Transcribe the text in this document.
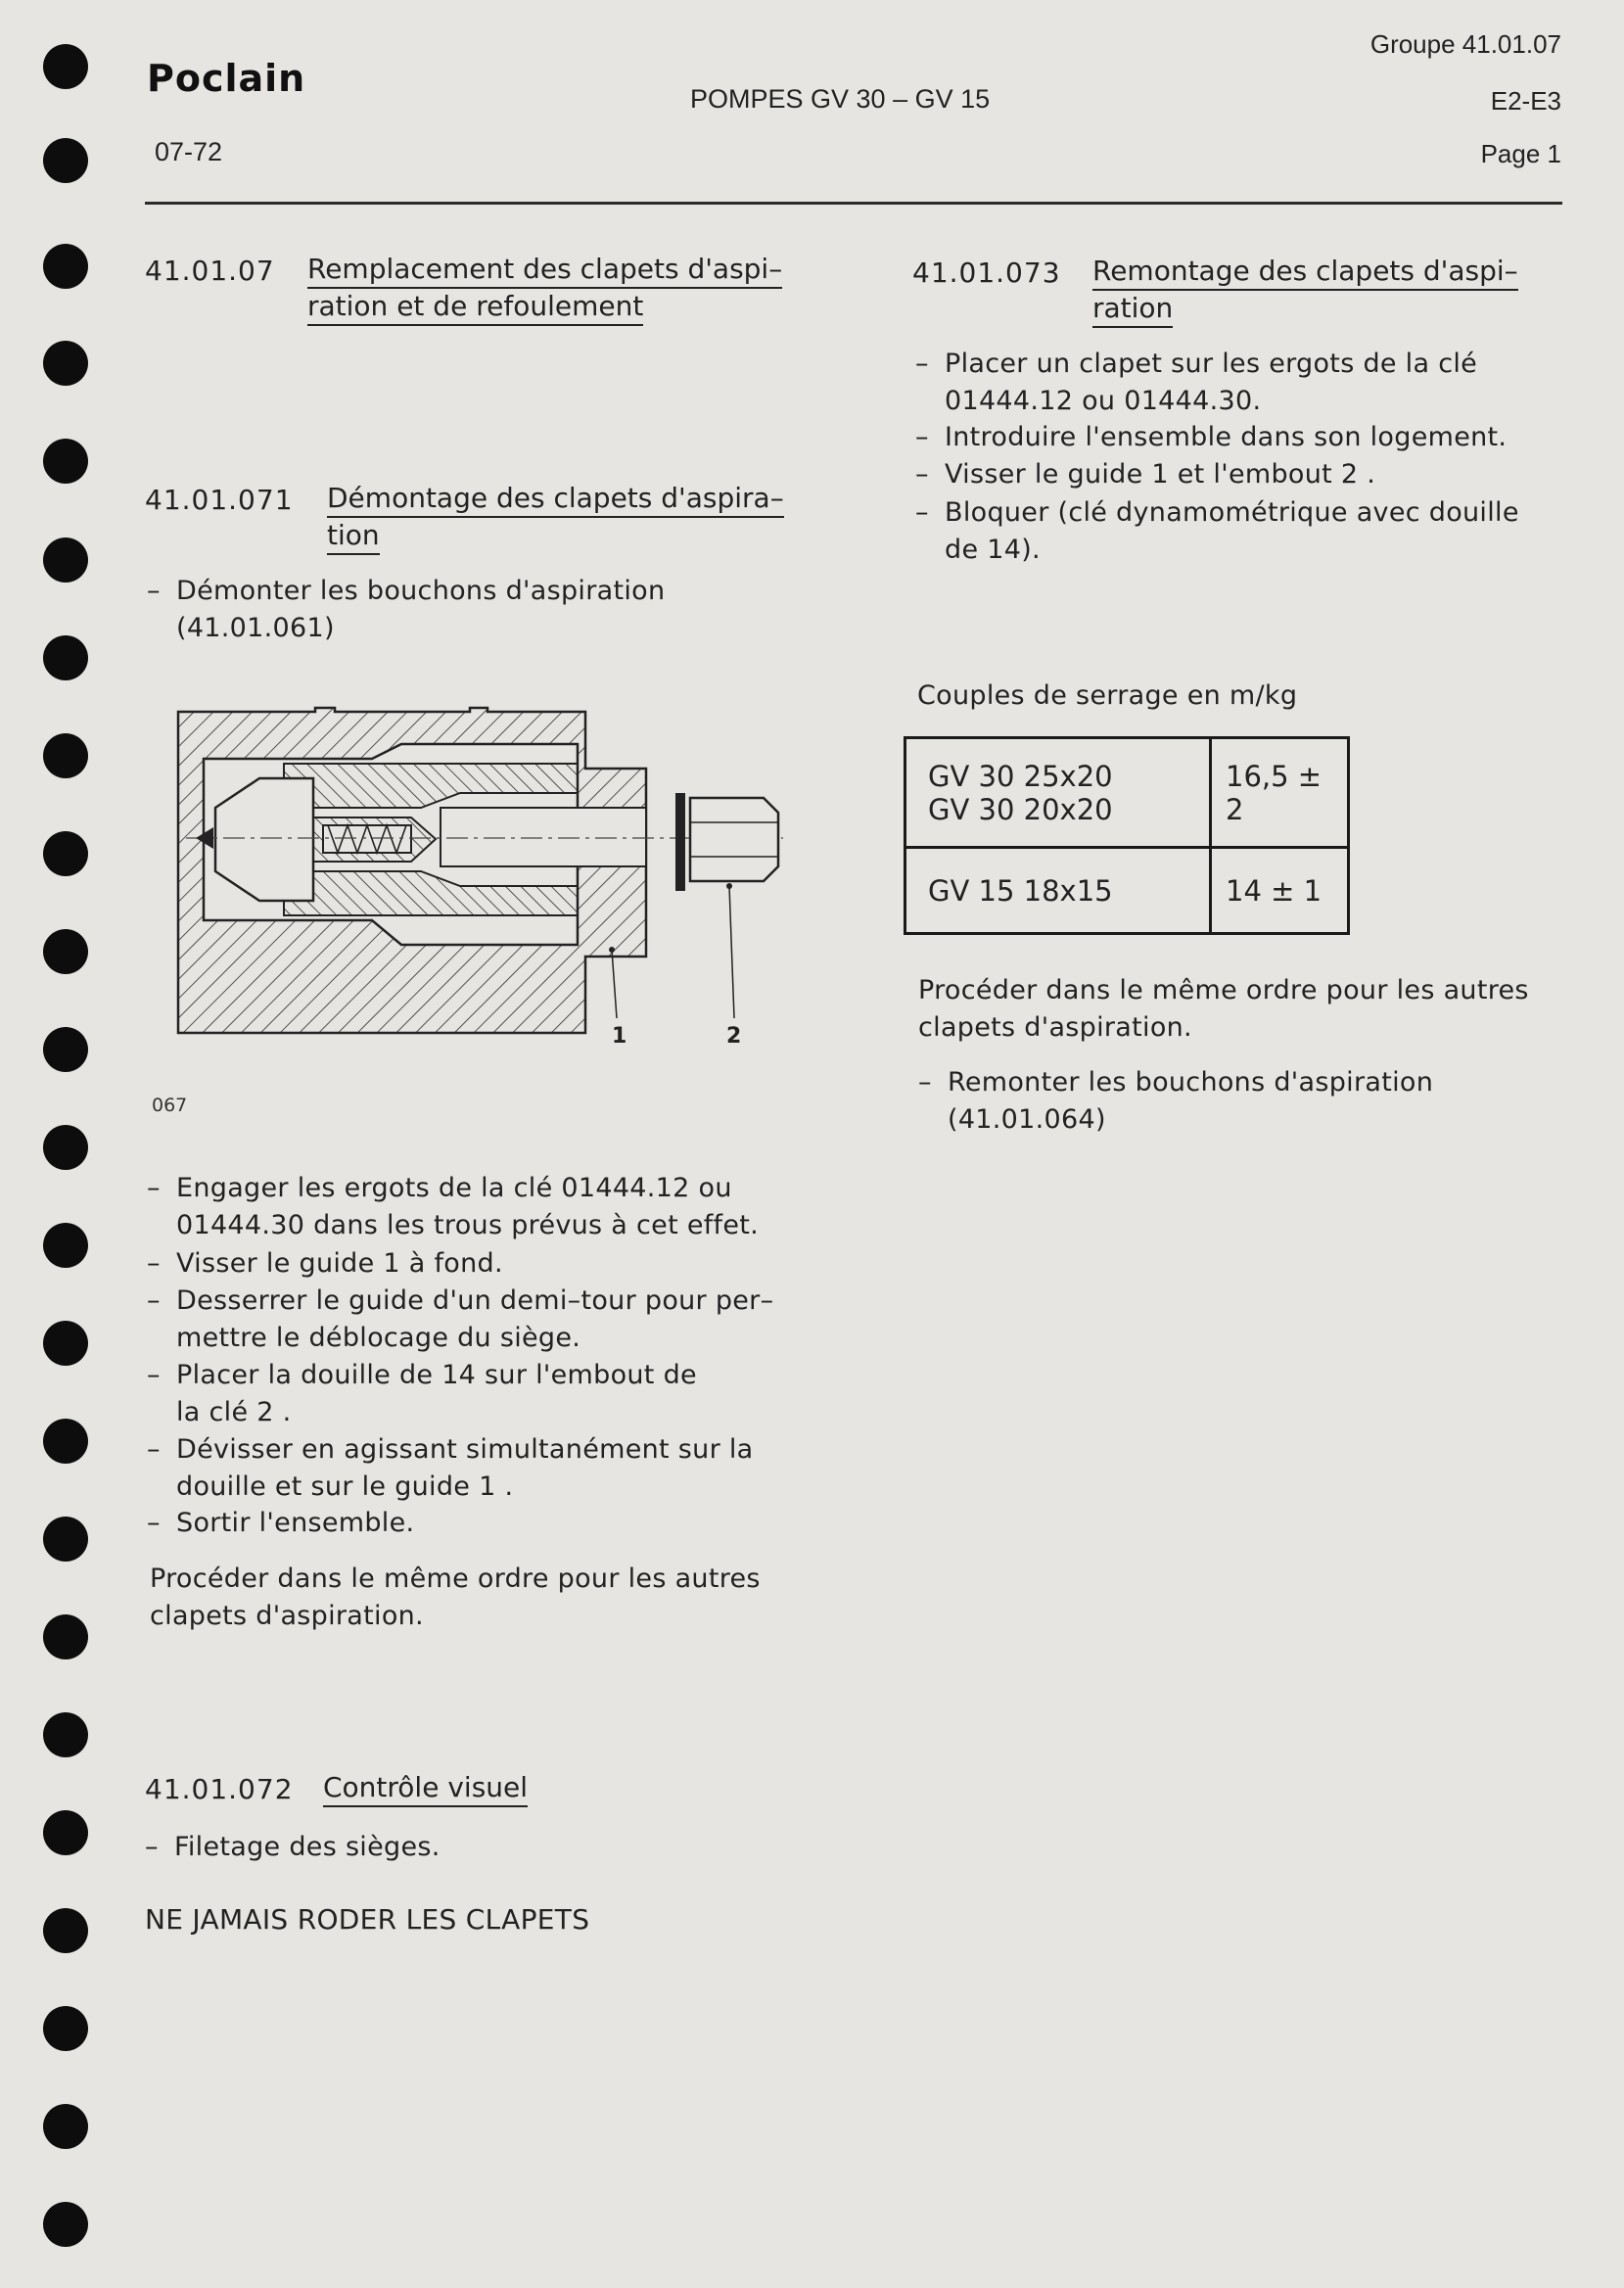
Poclain
07-72
POMPES GV 30 – GV 15
Groupe 41.01.07
E2-E3
Page 1
41.01.07 Remplacement des clapets d'aspi–
ration et de refoulement
41.01.071 Démontage des clapets d'aspira–
tion
– Démonter les bouchons d'aspiration
(41.01.061)
1	2
067
– Engager les ergots de la clé 01444.12 ou
01444.30 dans les trous prévus à cet effet.
– Visser le guide 1 à fond.
– Desserrer le guide d'un demi–tour pour per–
mettre le déblocage du siège.
– Placer la douille de 14 sur l'embout de
la clé 2 .
– Dévisser en agissant simultanément sur la
douille et sur le guide 1 .
– Sortir l'ensemble.
Procéder dans le même ordre pour les autres
clapets d'aspiration.
41.01.072 Contrôle visuel
– Filetage des sièges.
NE JAMAIS RODER LES CLAPETS
41.01.073 Remontage des clapets d'aspi–
ration
– Placer un clapet sur les ergots de la clé
01444.12 ou 01444.30.
– Introduire l'ensemble dans son logement.
– Visser le guide 1 et l'embout 2 .
– Bloquer (clé dynamométrique avec douille
de 14).
Couples de serrage en m/kg
GV 30 25x20
GV 30 20x20	16,5 ± 2

GV 15 18x15	14 ± 1
Procéder dans le même ordre pour les autres
clapets d'aspiration.
– Remonter les bouchons d'aspiration
(41.01.064)
